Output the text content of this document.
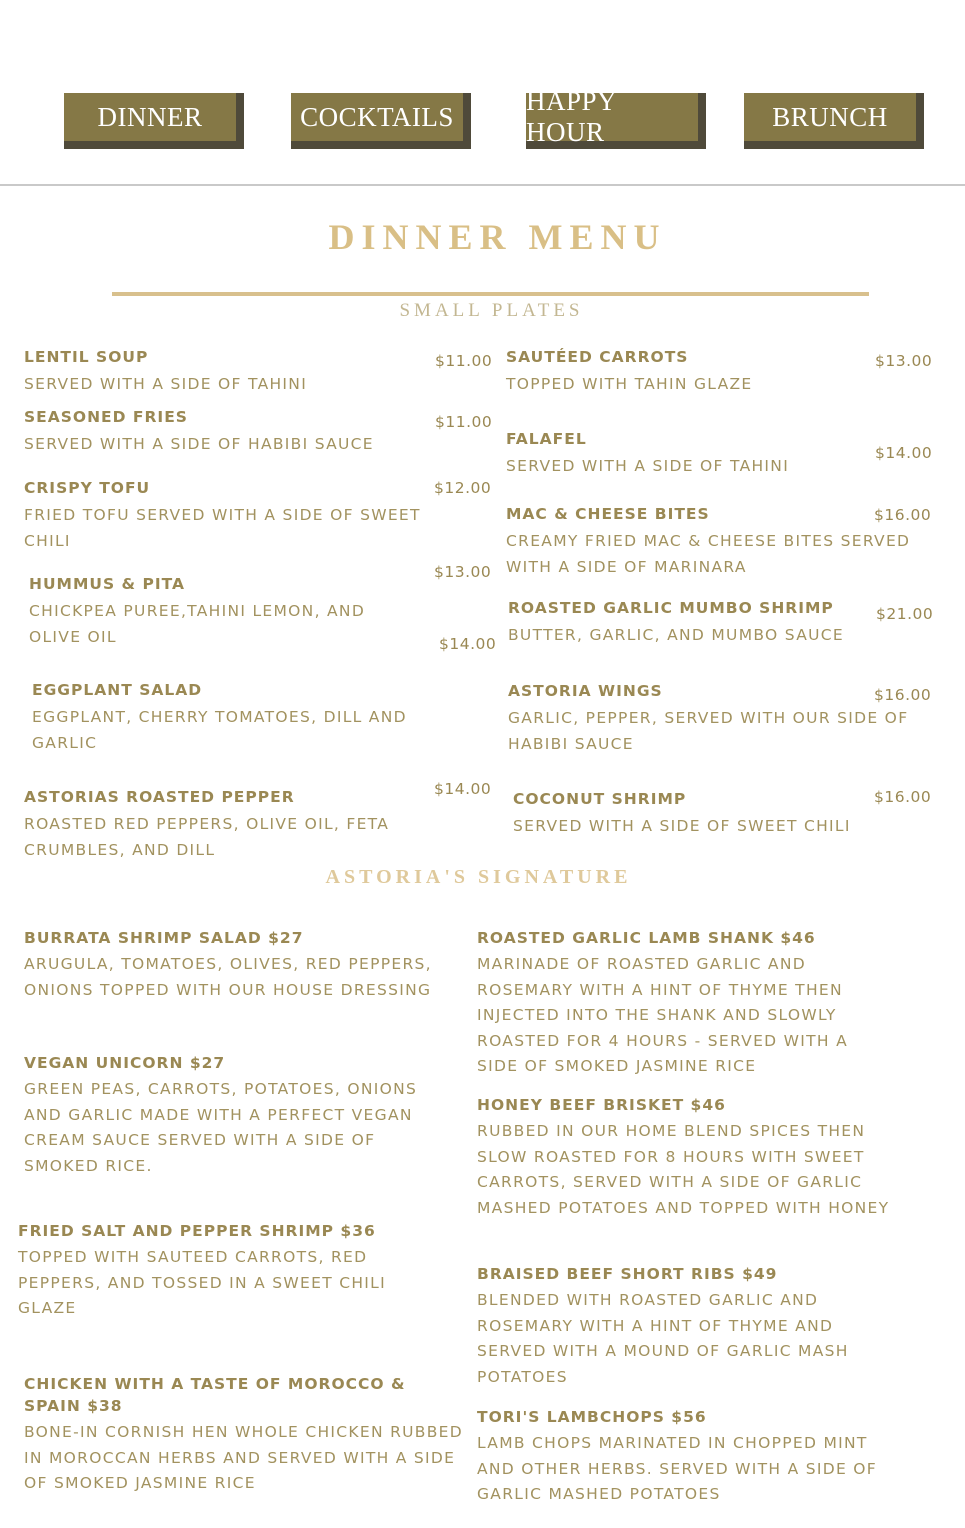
DINNER	COCKTAILS
HAPPY HOUR
BRUNCH
DINNER MENU
SMALL PLATES
LENTIL SOUP
SERVED WITH A SIDE OF TAHINI
$11.00
SEASONED FRIES
SERVED WITH A SIDE OF HABIBI SAUCE
$11.00
CRISPY TOFU
FRIED TOFU SERVED WITH A SIDE OF SWEET CHILI
$12.00
HUMMUS & PITA
CHICKPEA PUREE,TAHINI LEMON, AND OLIVE OIL
$13.00
EGGPLANT SALAD
EGGPLANT, CHERRY TOMATOES, DILL AND GARLIC
$14.00
ASTORIAS ROASTED PEPPER
ROASTED RED PEPPERS, OLIVE OIL, FETA CRUMBLES, AND DILL
$14.00
SAUTÉED CARROTS
TOPPED WITH TAHIN GLAZE
$13.00
FALAFEL
SERVED WITH A SIDE OF TAHINI
$14.00
MAC & CHEESE BITES
CREAMY FRIED MAC & CHEESE BITES SERVED WITH A SIDE OF MARINARA
$16.00
ROASTED GARLIC MUMBO SHRIMP
BUTTER, GARLIC, AND MUMBO SAUCE
$21.00
ASTORIA WINGS
GARLIC, PEPPER, SERVED WITH OUR SIDE OF HABIBI SAUCE
$16.00
COCONUT SHRIMP
SERVED WITH A SIDE OF SWEET CHILI
$16.00
ASTORIA'S SIGNATURE
BURRATA SHRIMP SALAD $27
ARUGULA, TOMATOES, OLIVES, RED PEPPERS, ONIONS TOPPED WITH OUR HOUSE DRESSING
VEGAN UNICORN $27
GREEN PEAS, CARROTS, POTATOES, ONIONS AND GARLIC MADE WITH A PERFECT VEGAN CREAM SAUCE SERVED WITH A SIDE OF SMOKED RICE.
FRIED SALT AND PEPPER SHRIMP $36
TOPPED WITH SAUTEED CARROTS, RED PEPPERS, AND TOSSED IN A SWEET CHILI GLAZE
CHICKEN WITH A TASTE OF MOROCCO & SPAIN $38
BONE-IN CORNISH HEN WHOLE CHICKEN RUBBED IN MOROCCAN HERBS AND SERVED WITH A SIDE OF SMOKED JASMINE RICE
ROASTED GARLIC LAMB SHANK $46
MARINADE OF ROASTED GARLIC AND ROSEMARY WITH A HINT OF THYME THEN INJECTED INTO THE SHANK AND SLOWLY ROASTED FOR 4 HOURS - SERVED WITH A SIDE OF SMOKED JASMINE RICE
HONEY BEEF BRISKET $46
RUBBED IN OUR HOME BLEND SPICES THEN SLOW ROASTED FOR 8 HOURS WITH SWEET CARROTS, SERVED WITH A SIDE OF GARLIC MASHED POTATOES AND TOPPED WITH HONEY
BRAISED BEEF SHORT RIBS $49
BLENDED WITH ROASTED GARLIC AND ROSEMARY WITH A HINT OF THYME AND SERVED WITH A MOUND OF GARLIC MASH POTATOES
TORI'S LAMBCHOPS $56
LAMB CHOPS MARINATED IN CHOPPED MINT AND OTHER HERBS. SERVED WITH A SIDE OF GARLIC MASHED POTATOES
